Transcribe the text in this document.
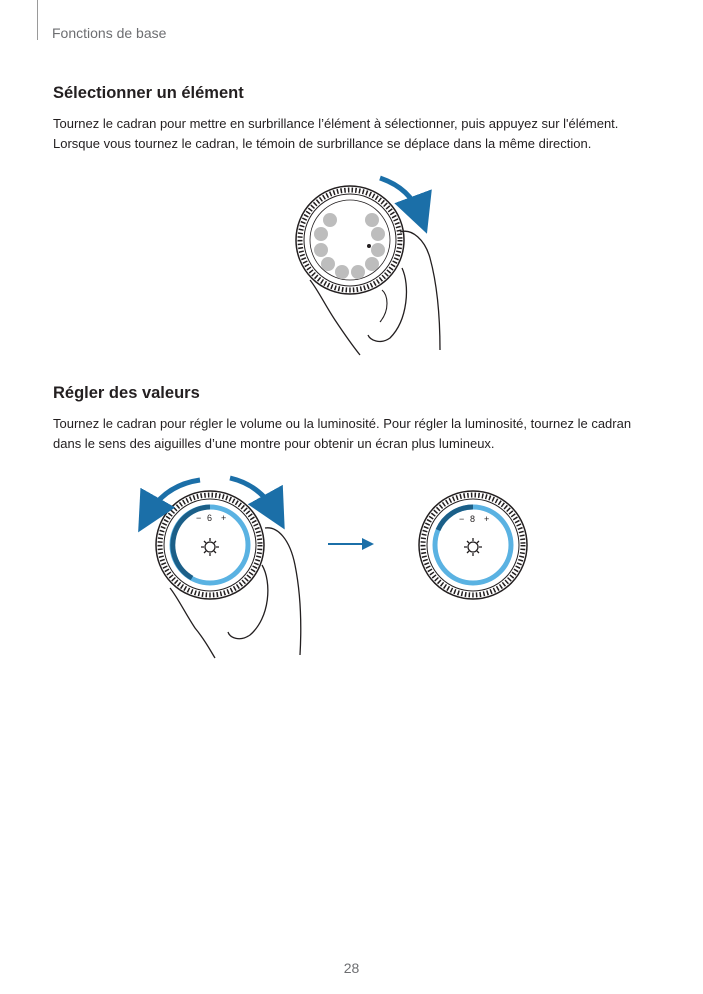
Fonctions de base
Sélectionner un élément
Tournez le cadran pour mettre en surbrillance l’élément à sélectionner, puis appuyez sur l'élément.
Lorsque vous tournez le cadran, le témoin de surbrillance se déplace dans la même direction.
Régler des valeurs
Tournez le cadran pour régler le volume ou la luminosité. Pour régler la luminosité, tournez le cadran
dans le sens des aiguilles d’une montre pour obtenir un écran plus lumineux.
− 6 +	− 8 +
28
